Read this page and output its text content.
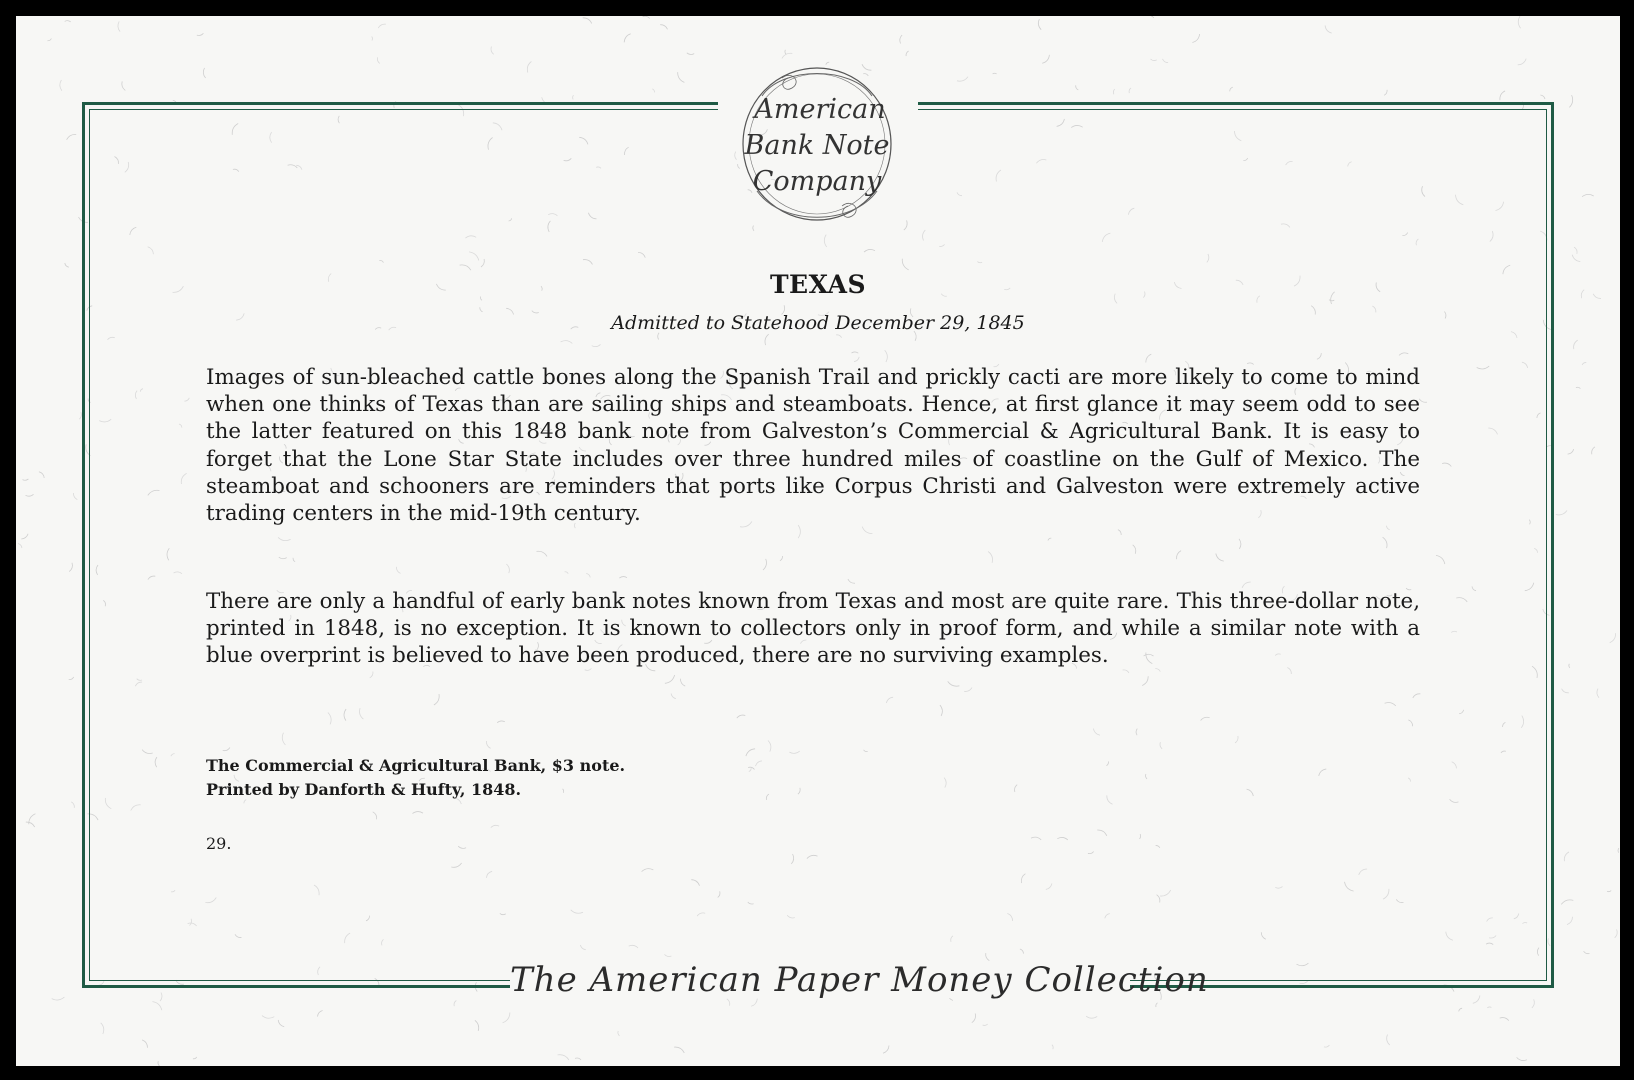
American
Bank Note
Company
TEXAS
Admitted to Statehood December 29, 1845

Images of sun-bleached cattle bones along the Spanish Trail and prickly cacti are more likely to come to mind when one thinks of Texas than are sailing ships and steamboats. Hence, at first glance it may seem odd to see the latter featured on this 1848 bank note from Galveston’s Commercial & Agricultural Bank. It is easy to forget that the Lone Star State includes over three hundred miles of coastline on the Gulf of Mexico. The steamboat and schooners are reminders that ports like Corpus Christi and Galveston were extremely active trading centers in the mid-19th century.

There are only a handful of early bank notes known from Texas and most are quite rare. This three-dollar note, printed in 1848, is no exception. It is known to collectors only in proof form, and while a similar note with a blue overprint is believed to have been produced, there are no surviving examples.

The Commercial & Agricultural Bank, $3 note.
Printed by Danforth & Hufty, 1848.
29.
The American Paper Money Collection
